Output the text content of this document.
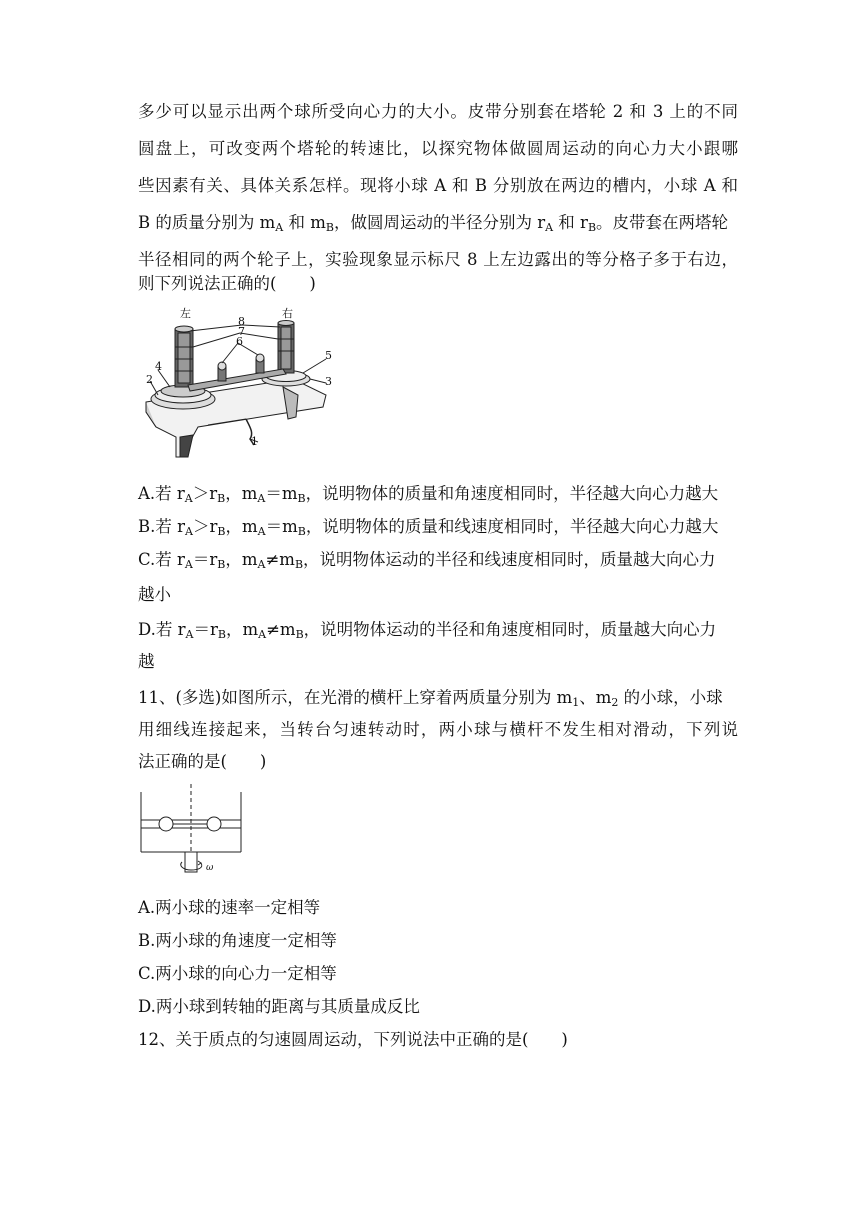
多少可以显示出两个球所受向心力的大小。皮带分别套在塔轮 2 和 3 上的不同
圆盘上，可改变两个塔轮的转速比，以探究物体做圆周运动的向心力大小跟哪
些因素有关、具体关系怎样。现将小球 A 和 B 分别放在两边的槽内，小球 A 和
B 的质量分别为 $m_A$ 和 $m_B$，做圆周运动的半径分别为 $r_A$ 和 $r_B$。皮带套在两塔轮
半径相同的两个轮子上，实验现象显示标尺 8 上左边露出的等分格子多于右边，
则下列说法正确的(　　)
左	右
8
7
6
4
2
5
3
1
A.若 $r_A>r_B$，$m_A=m_B$，说明物体的质量和角速度相同时，半径越大向心力越大
B.若 $r_A>r_B$，$m_A=m_B$，说明物体的质量和线速度相同时，半径越大向心力越大
C.若 $r_A=r_B$，$m_A\ne m_B$，说明物体运动的半径和线速度相同时，质量越大向心力
越小
D.若 $r_A=r_B$，$m_A\ne m_B$，说明物体运动的半径和角速度相同时，质量越大向心力
越
11、(多选)如图所示，在光滑的横杆上穿着两质量分别为 $m_1$、$m_2$ 的小球，小球
用细线连接起来，当转台匀速转动时，两小球与横杆不发生相对滑动，下列说
法正确的是(　　)
ω
A.两小球的速率一定相等
B.两小球的角速度一定相等
C.两小球的向心力一定相等
D.两小球到转轴的距离与其质量成反比
12、关于质点的匀速圆周运动，下列说法中正确的是(　　)
